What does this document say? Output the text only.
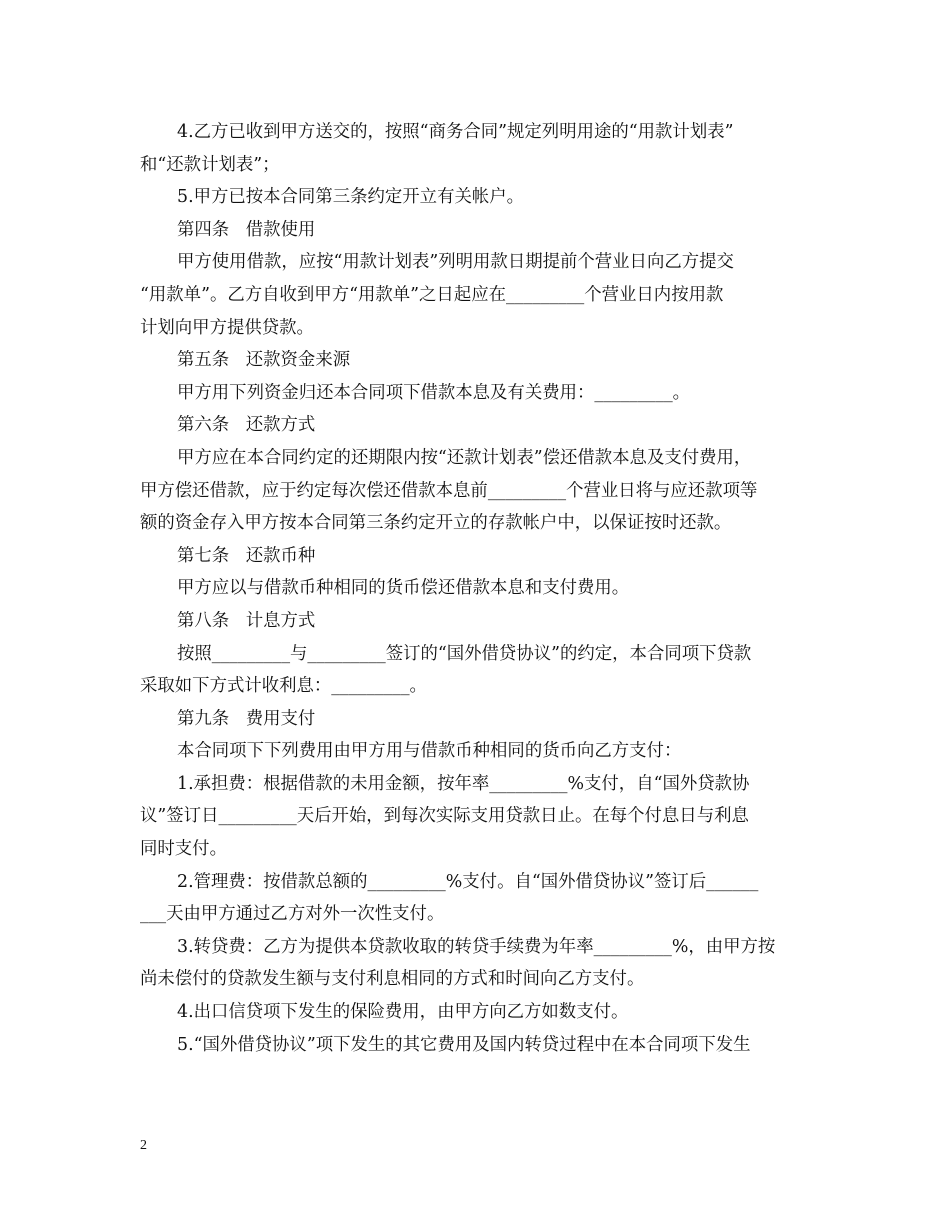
4.乙方已收到甲方送交的，按照“商务合同”规定列明用途的“用款计划表”
和“还款计划表”；
5.甲方已按本合同第三条约定开立有关帐户。
第四条   借款使用
甲方使用借款，应按“用款计划表”列明用款日期提前个营业日向乙方提交
“用款单”。乙方自收到甲方“用款单”之日起应在_________个营业日内按用款
计划向甲方提供贷款。
第五条   还款资金来源
甲方用下列资金归还本合同项下借款本息及有关费用：_________。
第六条   还款方式
甲方应在本合同约定的还期限内按“还款计划表”偿还借款本息及支付费用，
甲方偿还借款，应于约定每次偿还借款本息前_________个营业日将与应还款项等
额的资金存入甲方按本合同第三条约定开立的存款帐户中，以保证按时还款。
第七条   还款币种
甲方应以与借款币种相同的货币偿还借款本息和支付费用。
第八条   计息方式
按照_________与_________签订的“国外借贷协议”的约定，本合同项下贷款
采取如下方式计收利息：_________。
第九条   费用支付
本合同项下下列费用由甲方用与借款币种相同的货币向乙方支付：
1.承担费：根据借款的未用金额，按年率_________%支付，自“国外贷款协
议”签订日_________天后开始，到每次实际支用贷款日止。在每个付息日与利息
同时支付。
2.管理费：按借款总额的_________%支付。自“国外借贷协议”签订后______
___天由甲方通过乙方对外一次性支付。
3.转贷费：乙方为提供本贷款收取的转贷手续费为年率_________%，由甲方按
尚未偿付的贷款发生额与支付利息相同的方式和时间向乙方支付。
4.出口信贷项下发生的保险费用，由甲方向乙方如数支付。
5.“国外借贷协议”项下发生的其它费用及国内转贷过程中在本合同项下发生
2
